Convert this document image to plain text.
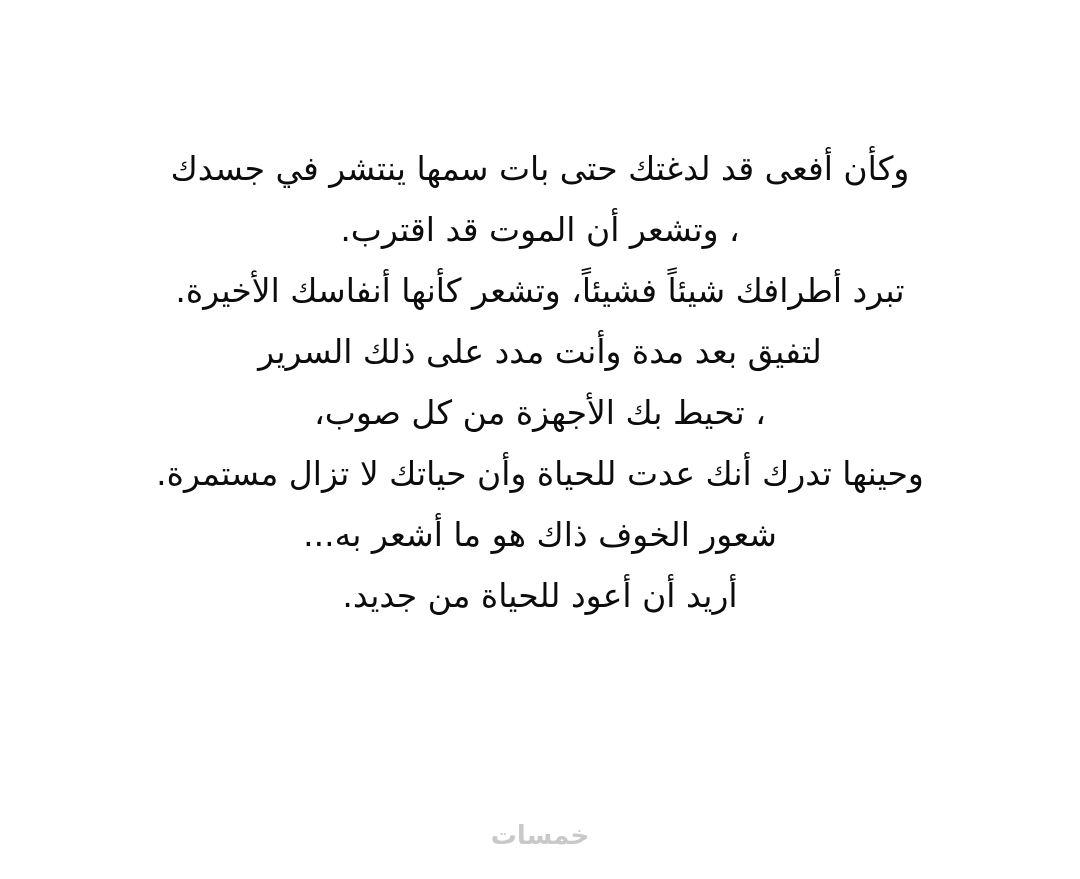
وكأن أفعى قد لدغتك حتى بات سمها ينتشر في جسدك
، وتشعر أن الموت قد اقترب.
تبرد أطرافك شيئاً فشيئاً، وتشعر كأنها أنفاسك الأخيرة.
لتفيق بعد مدة وأنت مدد على ذلك السرير
، تحيط بك الأجهزة من كل صوب،
وحينها تدرك أنك عدت للحياة وأن حياتك لا تزال مستمرة.
شعور الخوف ذاك هو ما أشعر به...
أريد أن أعود للحياة من جديد.
خمسات
